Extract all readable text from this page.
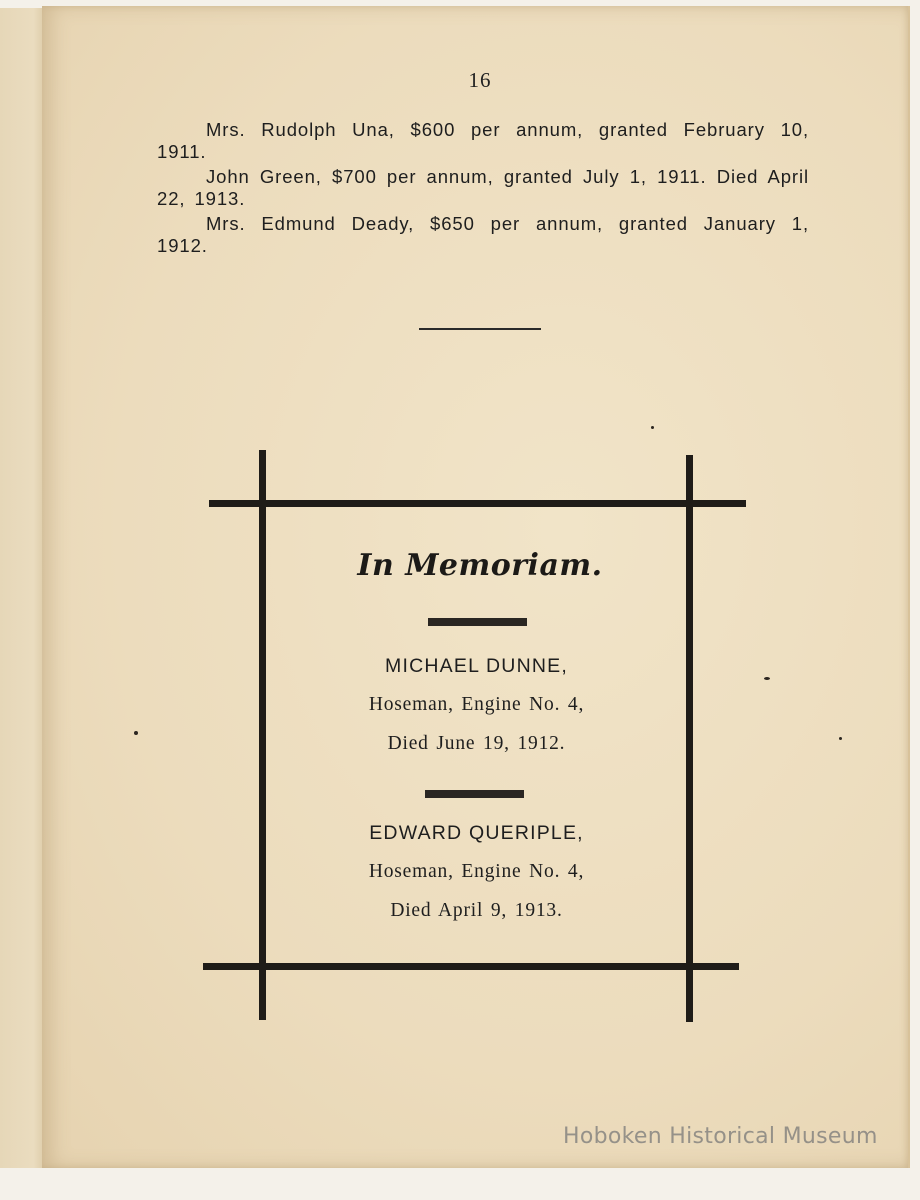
16

Mrs. Rudolph Una, $600 per annum, granted February 10, 1911.

John Green, $700 per annum, granted July 1, 1911. Died April 22, 1913.

Mrs. Edmund Deady, $650 per annum, granted January 1, 1912.

In Memoriam.
MICHAEL DUNNE,
Hoseman, Engine No. 4,
Died June 19, 1912.
EDWARD QUERIPLE,
Hoseman, Engine No. 4,
Died April 9, 1913.
Hoboken Historical Museum
